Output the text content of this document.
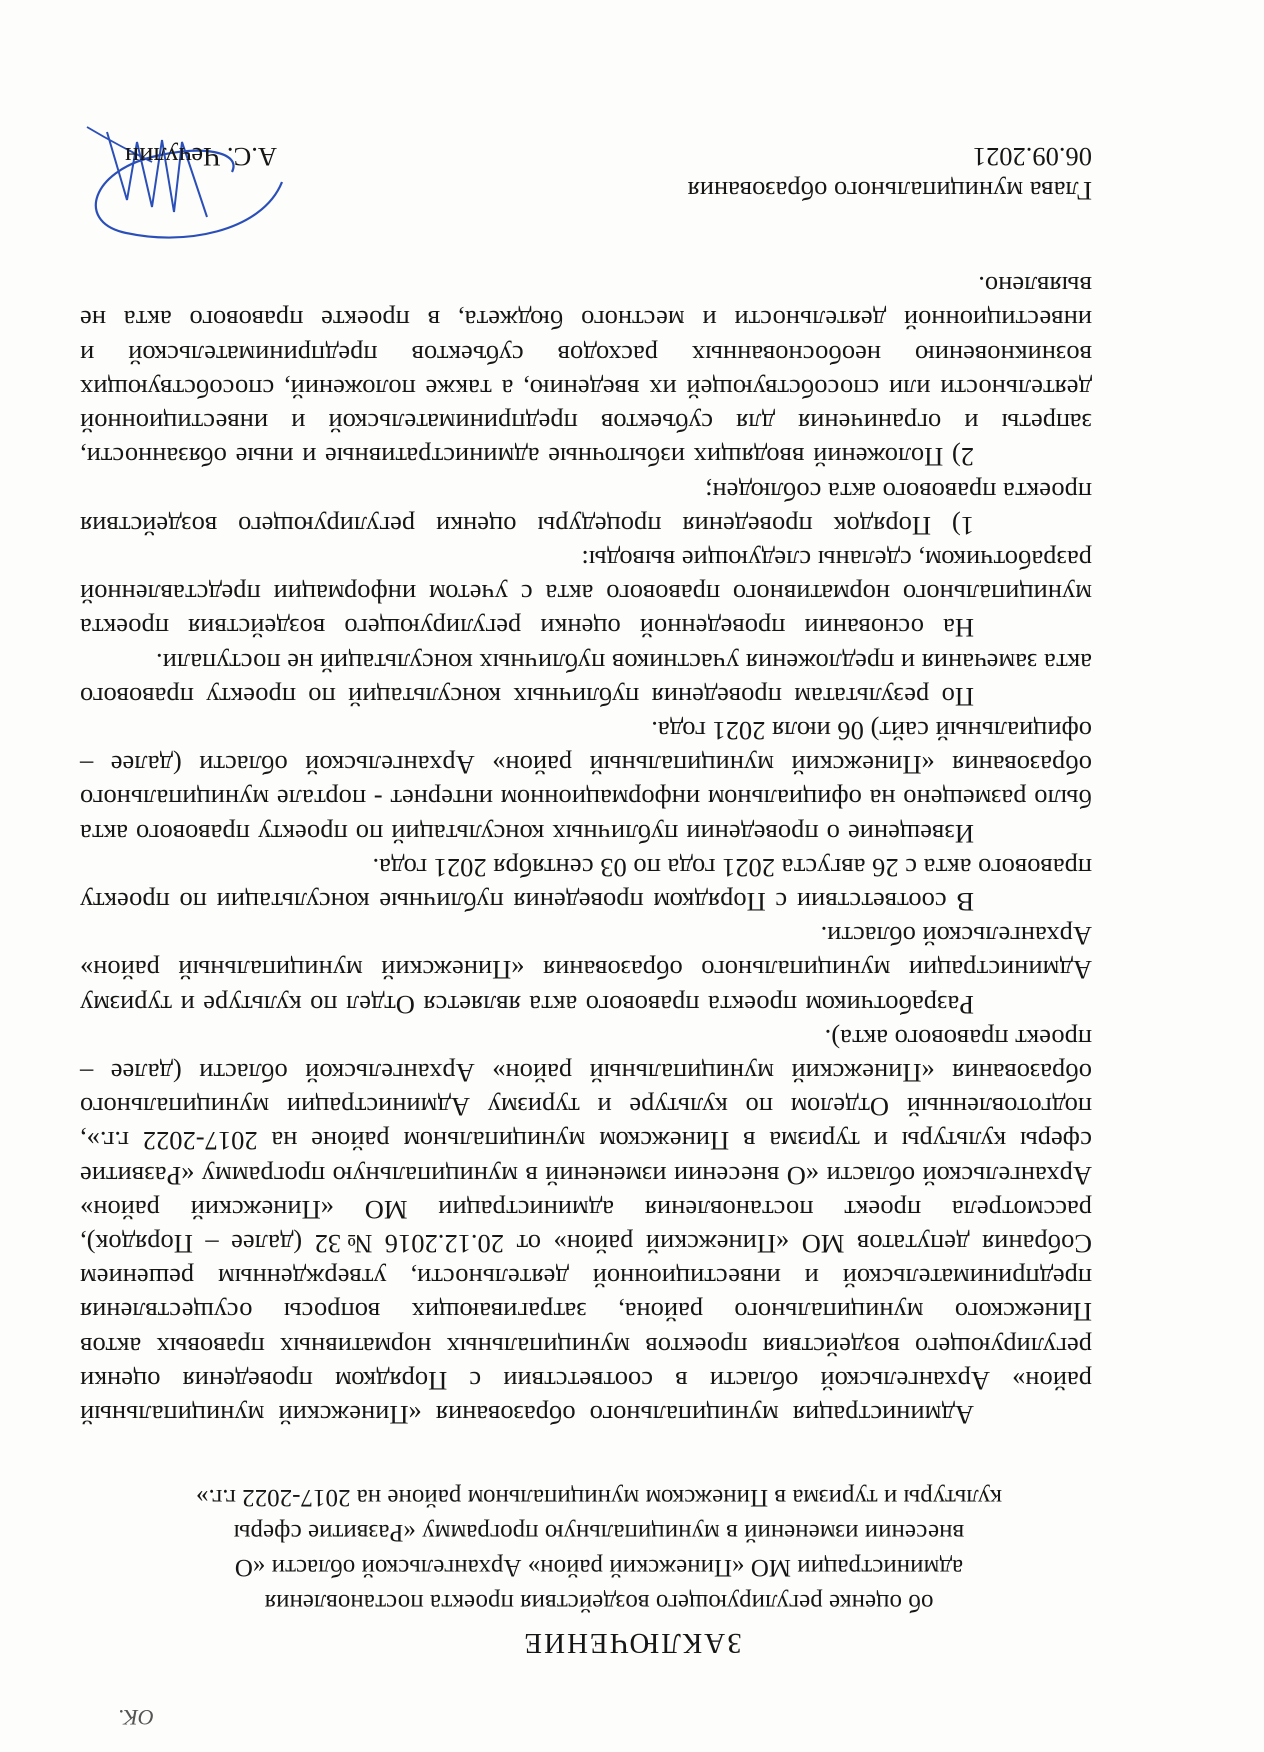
ОК.
ЗАКЛЮЧЕНИЕ
об оценке регулирующего воздействия проекта постановления администрации МО «Пинежский район» Архангельской области «О внесении изменений в муниципальную программу «Развитие сферы культуры и туризма в Пинежском муниципальном районе на 2017-2022 г.г.»

Администрация муниципального образования «Пинежский муниципальный район» Архангельской области в соответствии с Порядком проведения оценки регулирующего воздействия проектов муниципальных нормативных правовых актов Пинежского муниципального района, затрагивающих вопросы осуществления предпринимательской и инвестиционной деятельности, утвержденным решением Собрания депутатов МО «Пинежский район» от 20.12.2016 №32 (далее – Порядок), рассмотрела проект постановления администрации МО «Пинежский район» Архангельской области «О внесении изменений в муниципальную программу «Развитие сферы культуры и туризма в Пинежском муниципальном районе на 2017-2022 г.г.», подготовленный Отделом по культуре и туризму Администрации муниципального образования «Пинежский муниципальный район» Архангельской области (далее – проект правового акта).

Разработчиком проекта правового акта является Отдел по культуре и туризму Администрации муниципального образования «Пинежский муниципальный район» Архангельской области.

В соответствии с Порядком проведения публичные консультации по проекту правового акта с 26 августа 2021 года по 03 сентября 2021 года.

Извещение о проведении публичных консультаций по проекту правового акта было размещено на официальном информационном интернет - портале муниципального образования «Пинежский муниципальный район» Архангельской области (далее – официальный сайт) 06 июля 2021 года.

По результатам проведения публичных консультаций по проекту правового акта замечания и предложения участников публичных консультаций не поступали.

На основании проведенной оценки регулирующего воздействия проекта муниципального нормативного правового акта с учетом информации представленной разработчиком, сделаны следующие выводы:

1) Порядок проведения процедуры оценки регулирующего воздействия проекта правового акта соблюден;

2) Положений вводящих избыточные административные и иные обязанности, запреты и ограничения для субъектов предпринимательской и инвестиционной деятельности или способствующей их введению, а также положений, способствующих возникновению необоснованных расходов субъектов предпринимательской и инвестиционной деятельности и местного бюджета, в проекте правового акта не выявлено.

Глава муниципального образования
06.09.2021
А.С. Чечулин
